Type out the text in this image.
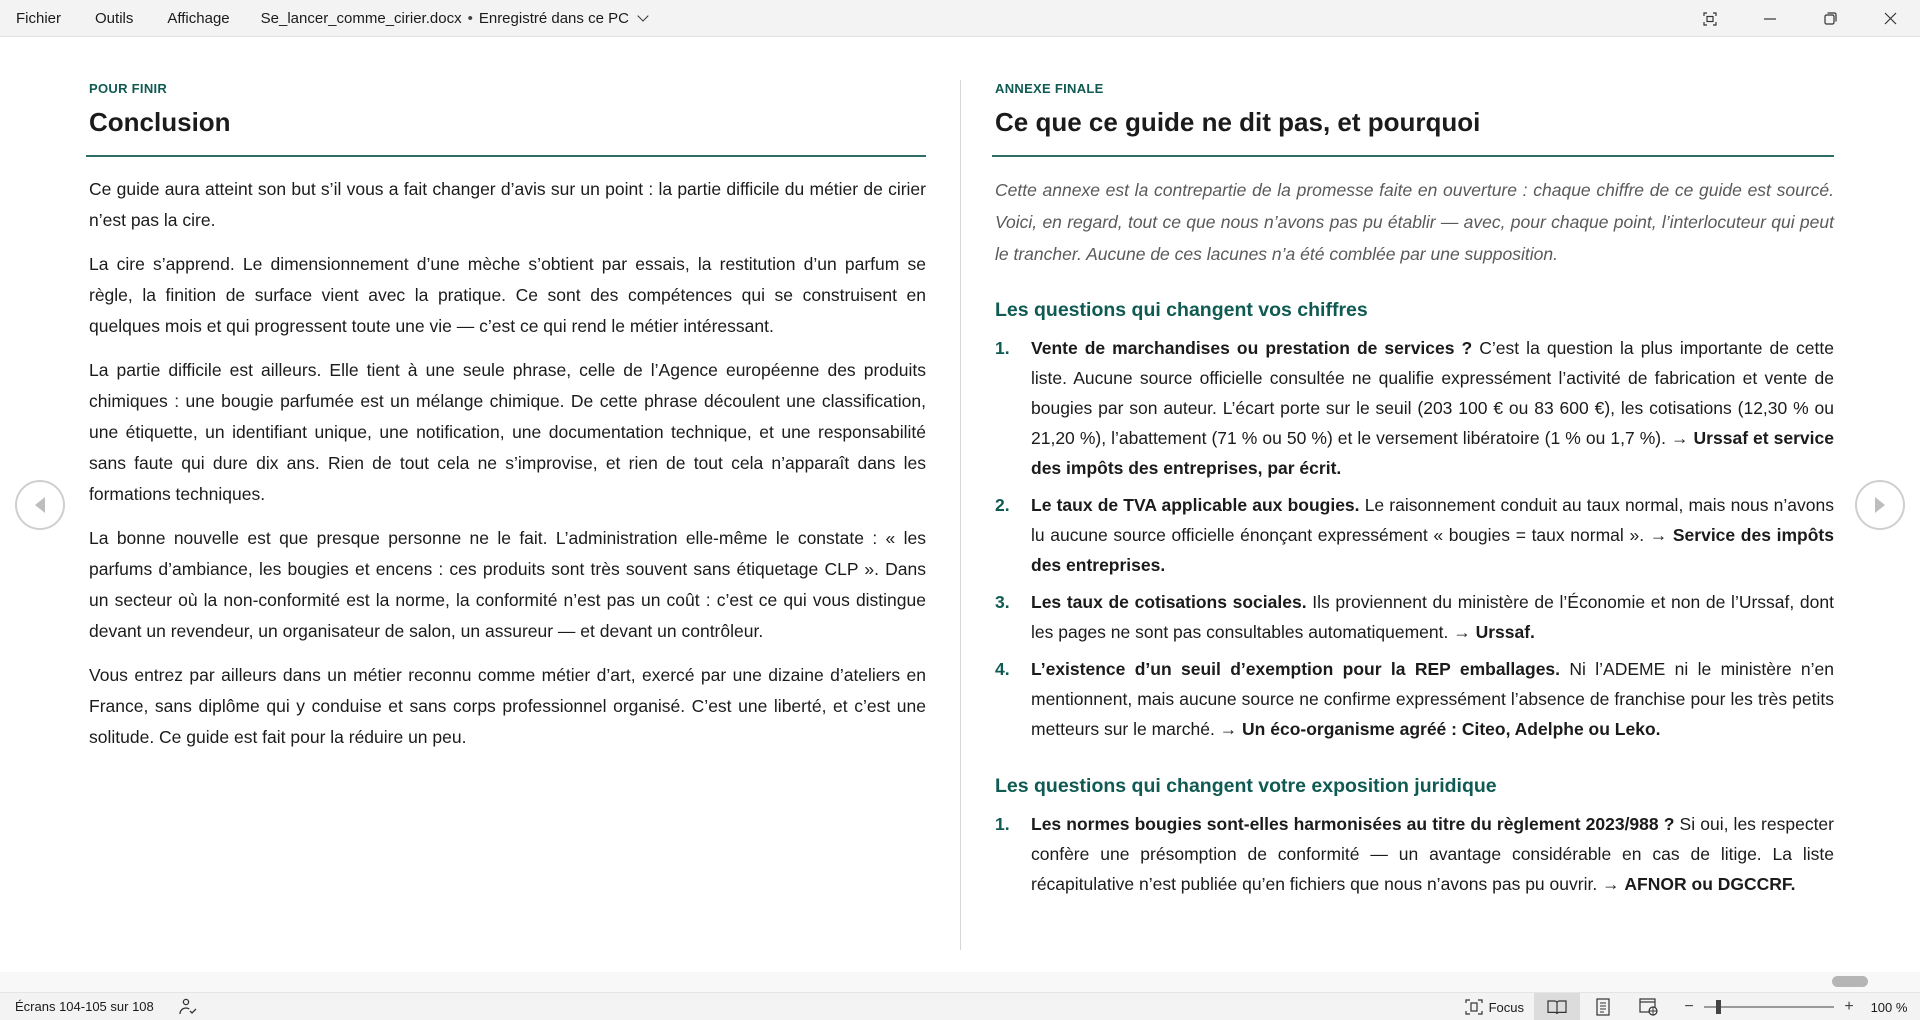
Fichier	Outils	Affichage	Se_lancer_comme_cirier.docx • Enregistré dans ce PC
POUR FINIR
Conclusion

Ce guide aura atteint son but s’il vous a fait changer d’avis sur un point : la partie difficile du métier de cirier n’est pas la cire.

La cire s’apprend. Le dimensionnement d’une mèche s’obtient par essais, la restitution d’un parfum se règle, la finition de surface vient avec la pratique. Ce sont des compétences qui se construisent en quelques mois et qui progressent toute une vie — c’est ce qui rend le métier intéressant.

La partie difficile est ailleurs. Elle tient à une seule phrase, celle de l’Agence européenne des produits chimiques : une bougie parfumée est un mélange chimique. De cette phrase découlent une classification, une étiquette, un identifiant unique, une notification, une documentation technique, et une responsabilité sans faute qui dure dix ans. Rien de tout cela ne s’improvise, et rien de tout cela n’apparaît dans les formations techniques.

La bonne nouvelle est que presque personne ne le fait. L’administration elle-même le constate : « les parfums d’ambiance, les bougies et encens : ces produits sont très souvent sans étiquetage CLP ». Dans un secteur où la non-conformité est la norme, la conformité n’est pas un coût : c’est ce qui vous distingue devant un revendeur, un organisateur de salon, un assureur — et devant un contrôleur.

Vous entrez par ailleurs dans un métier reconnu comme métier d’art, exercé par une dizaine d’ateliers en France, sans diplôme qui y conduise et sans corps professionnel organisé. C’est une liberté, et c’est une solitude. Ce guide est fait pour la réduire un peu.

ANNEXE FINALE
Ce que ce guide ne dit pas, et pourquoi

Cette annexe est la contrepartie de la promesse faite en ouverture : chaque chiffre de ce guide est sourcé. Voici, en regard, tout ce que nous n’avons pas pu établir — avec, pour chaque point, l’interlocuteur qui peut le trancher. Aucune de ces lacunes n’a été comblée par une supposition.

Les questions qui changent vos chiffres
1. Vente de marchandises ou prestation de services ? C’est la question la plus importante de cette liste. Aucune source officielle consultée ne qualifie expressément l’activité de fabrication et vente de bougies par son auteur. L’écart porte sur le seuil (203 100 € ou 83 600 €), les cotisations (12,30 % ou 21,20 %), l’abattement (71 % ou 50 %) et le versement libératoire (1 % ou 1,7 %). → Urssaf et service des impôts des entreprises, par écrit.
2. Le taux de TVA applicable aux bougies. Le raisonnement conduit au taux normal, mais nous n’avons lu aucune source officielle énonçant expressément « bougies = taux normal ». → Service des impôts des entreprises.
3. Les taux de cotisations sociales. Ils proviennent du ministère de l’Économie et non de l’Urssaf, dont les pages ne sont pas consultables automatiquement. → Urssaf.
4. L’existence d’un seuil d’exemption pour la REP emballages. Ni l’ADEME ni le ministère n’en mentionnent, mais aucune source ne confirme expressément l’absence de franchise pour les très petits metteurs sur le marché. → Un éco-organisme agréé : Citeo, Adelphe ou Leko.
Les questions qui changent votre exposition juridique
1. Les normes bougies sont-elles harmonisées au titre du règlement 2023/988 ? Si oui, les respecter confère une présomption de conformité — un avantage considérable en cas de litige. La liste récapitulative n’est publiée qu’en fichiers que nous n’avons pas pu ouvrir. → AFNOR ou DGCCRF.
Écrans 104-105 sur 108	Focus	−	+	100 %
